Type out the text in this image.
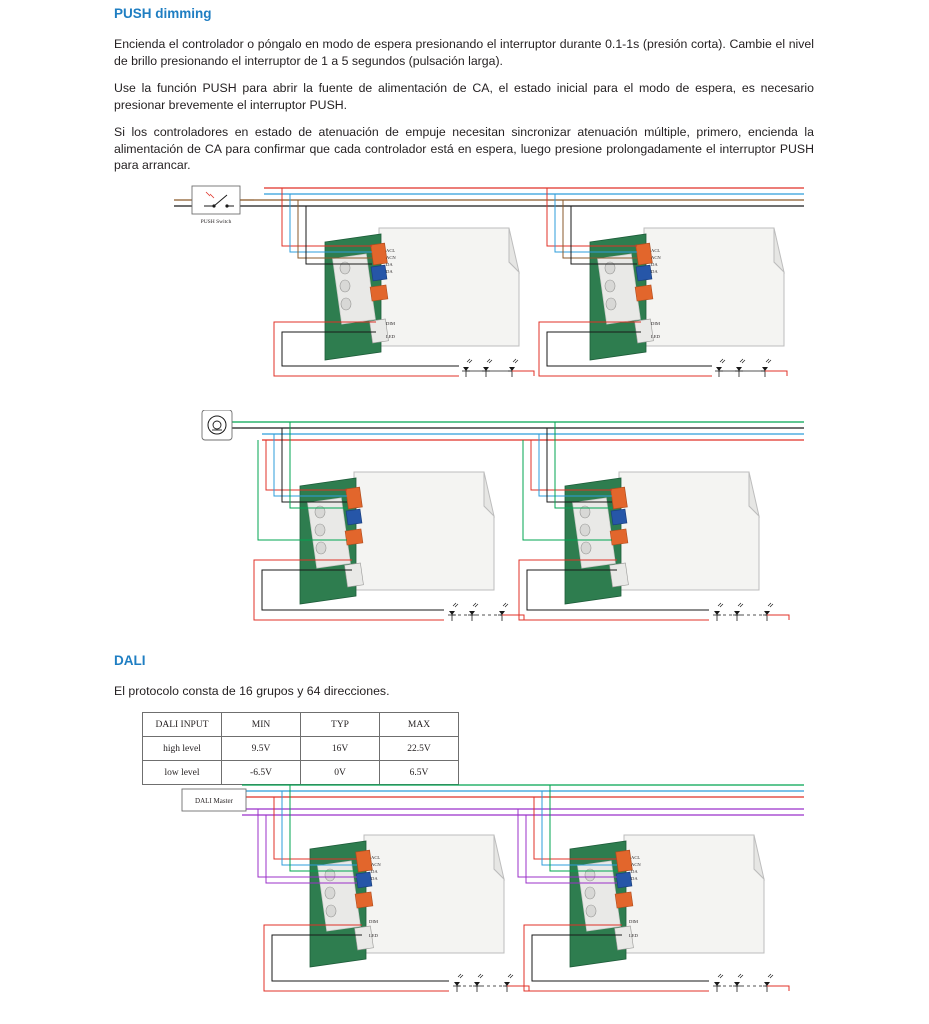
PUSH dimming

Encienda el controlador o póngalo en modo de espera presionando el interruptor durante 0.1-1s (presión corta). Cambie el nivel de brillo presionando el interruptor de 1 a 5 segundos (pulsación larga).

Use la función PUSH para abrir la fuente de alimentación de CA, el estado inicial para el modo de espera, es necesario presionar brevemente el interruptor PUSH.

Si los controladores en estado de atenuación de empuje necesitan sincronizar atenuación múltiple, primero, encienda la alimentación de CA para confirmar que cada controlador está en espera, luego presione prolongadamente el interruptor PUSH para arrancar.

PUSH Switch
ACL
ACN
DA
DA
DIM
LED
ACL
ACN
DA
DA
DIM
LED
DALI

El protocolo consta de 16 grupos y 64 direcciones.

DALI INPUT	MIN	TYP	MAX
high level	9.5V	16V	22.5V
low level	-6.5V	0V	6.5V
DALI Master
ACL
ACN
DA
DA
DIM
LED
ACL
ACN
DA
DA
DIM
LED
